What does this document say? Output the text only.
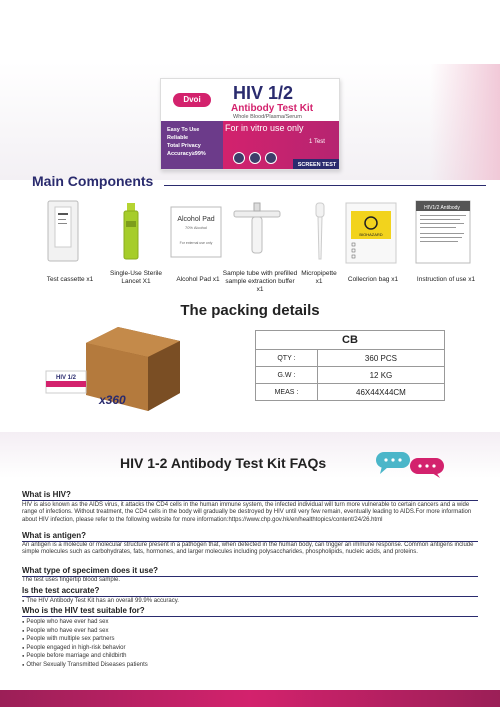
Dvoi	HIV 1/2
Antibody Test Kit
Whole Blood/Plasma/Serum
Easy To Use
Reliable
Total Privacy
Accuracy≥99%
For in vitro use only
1 Test
SCREEN TEST
Main Components
Alcohol Pad
70% Alcohol
For external use only
BIOHAZARD
HIV1/2 Antibody
Test cassette x1
Single-Use Sterile Lancet X1	Alcohol Pad x1
Sample tube with prefilled sample extraction buffer x1
Micropipette x1	Collecrion bag x1	Instruction of use x1
The packing details
HIV 1/2
x360
CB	
QTY :	360 PCS
G.W :	12 KG
MEAS :	46X44X44CM
HIV 1-2 Antibody Test Kit FAQs
What is HIV?
HIV is also known as the AIDS virus, it attacks the CD4 cells in the human immune system, the infected individual will turn more vulnerable to certain cancers and a wide range of infections. Without treatment, the CD4 cells in the body will gradually be destroyed by HIV until very few remain, eventually leading to AIDS.For more information about HIV infection, please refer to the following website for more information:https://www.chp.gov.hk/en/healthtopics/content/24/26.html
What is antigen?
An antigen is a molecule or molecular structure present in a pathogen that, when detected in the human body, can trigger an immune response. Common antigens include simple molecules such as carbohydrates, fats, hormones, and larger molecules including polysaccharides, phospholipids, nucleic acids, and proteins.
What type of specimen does it use?
The test uses fingertip blood sample.
Is the test accurate?
● The HIV Antibody Test Kit has an overall 99.9% accuracy.
Who is the HIV test suitable for?
● People who have ever had sex
● People who have ever had sex
● People with multiple sex partners
● People engaged in high-risk behavior
● People before marriage and childbirth
● Other Sexually Transmitted Diseases patients
